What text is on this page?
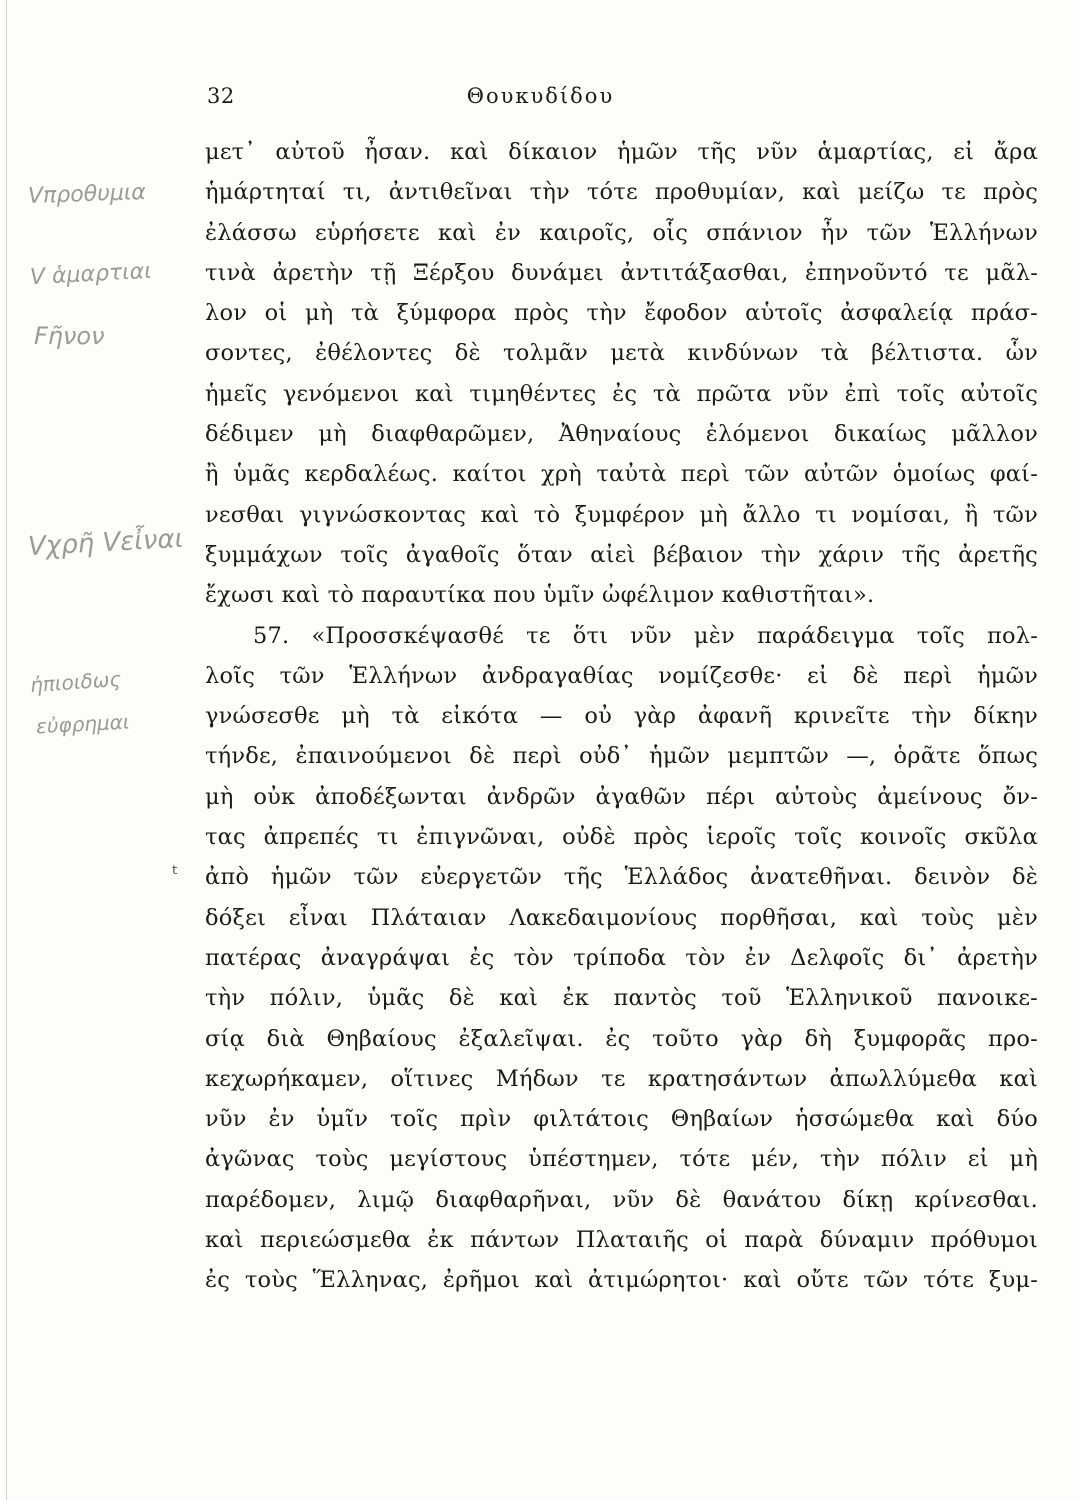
32	Θουκυδίδου
Vπροθυμια
V ἁμαρτιαι
Fῆνον
Vχρῆ Vεἶναι
ἠπιοιδως
εὐφρημαι
ᵗ
μετ᾽ αὐτοῦ ἦσαν. καὶ δίκαιον ἡμῶν τῆς νῦν ἁμαρτίας, εἰ ἄρα
ἡμάρτηταί τι, ἀντιθεῖναι τὴν τότε προθυμίαν, καὶ μείζω τε πρὸς
ἐλάσσω εὑρήσετε καὶ ἐν καιροῖς, οἷς σπάνιον ἦν τῶν Ἑλλήνων
τινὰ ἀρετὴν τῇ Ξέρξου δυνάμει ἀντιτάξασθαι, ἐπηνοῦντό τε μᾶλ-
λον οἱ μὴ τὰ ξύμφορα πρὸς τὴν ἔφοδον αὑτοῖς ἀσφαλείᾳ πράσ-
σοντες, ἐθέλοντες δὲ τολμᾶν μετὰ κινδύνων τὰ βέλτιστα. ὧν
ἡμεῖς γενόμενοι καὶ τιμηθέντες ἐς τὰ πρῶτα νῦν ἐπὶ τοῖς αὐτοῖς
δέδιμεν μὴ διαφθαρῶμεν, Ἀθηναίους ἑλόμενοι δικαίως μᾶλλον
ἢ ὑμᾶς κερδαλέως. καίτοι χρὴ ταὐτὰ περὶ τῶν αὐτῶν ὁμοίως φαί-
νεσθαι γιγνώσκοντας καὶ τὸ ξυμφέρον μὴ ἄλλο τι νομίσαι, ἢ τῶν
ξυμμάχων τοῖς ἀγαθοῖς ὅταν αἰεὶ βέβαιον τὴν χάριν τῆς ἀρετῆς
ἔχωσι καὶ τὸ παραυτίκα που ὑμῖν ὠφέλιμον καθιστῆται».
57. «Προσσκέψασθέ τε ὅτι νῦν μὲν παράδειγμα τοῖς πολ-
λοῖς τῶν Ἑλλήνων ἀνδραγαθίας νομίζεσθε· εἰ δὲ περὶ ἡμῶν
γνώσεσθε μὴ τὰ εἰκότα — οὐ γὰρ ἀφανῆ κρινεῖτε τὴν δίκην
τήνδε, ἐπαινούμενοι δὲ περὶ οὐδ᾽ ἡμῶν μεμπτῶν —, ὁρᾶτε ὅπως
μὴ οὐκ ἀποδέξωνται ἀνδρῶν ἀγαθῶν πέρι αὐτοὺς ἀμείνους ὄν-
τας ἀπρεπές τι ἐπιγνῶναι, οὐδὲ πρὸς ἱεροῖς τοῖς κοινοῖς σκῦλα
ἀπὸ ἡμῶν τῶν εὐεργετῶν τῆς Ἑλλάδος ἀνατεθῆναι. δεινὸν δὲ
δόξει εἶναι Πλάταιαν Λακεδαιμονίους πορθῆσαι, καὶ τοὺς μὲν
πατέρας ἀναγράψαι ἐς τὸν τρίποδα τὸν ἐν Δελφοῖς δι᾽ ἀρετὴν
τὴν πόλιν, ὑμᾶς δὲ καὶ ἐκ παντὸς τοῦ Ἑλληνικοῦ πανοικε-
σίᾳ διὰ Θηβαίους ἐξαλεῖψαι. ἐς τοῦτο γὰρ δὴ ξυμφορᾶς προ-
κεχωρήκαμεν, οἵτινες Μήδων τε κρατησάντων ἀπωλλύμεθα καὶ
νῦν ἐν ὑμῖν τοῖς πρὶν φιλτάτοις Θηβαίων ἡσσώμεθα καὶ δύο
ἀγῶνας τοὺς μεγίστους ὑπέστημεν, τότε μέν, τὴν πόλιν εἰ μὴ
παρέδομεν, λιμῷ διαφθαρῆναι, νῦν δὲ θανάτου δίκῃ κρίνεσθαι.
καὶ περιεώσμεθα ἐκ πάντων Πλαταιῆς οἱ παρὰ δύναμιν πρόθυμοι
ἐς τοὺς Ἕλληνας, ἐρῆμοι καὶ ἀτιμώρητοι· καὶ οὔτε τῶν τότε ξυμ-
